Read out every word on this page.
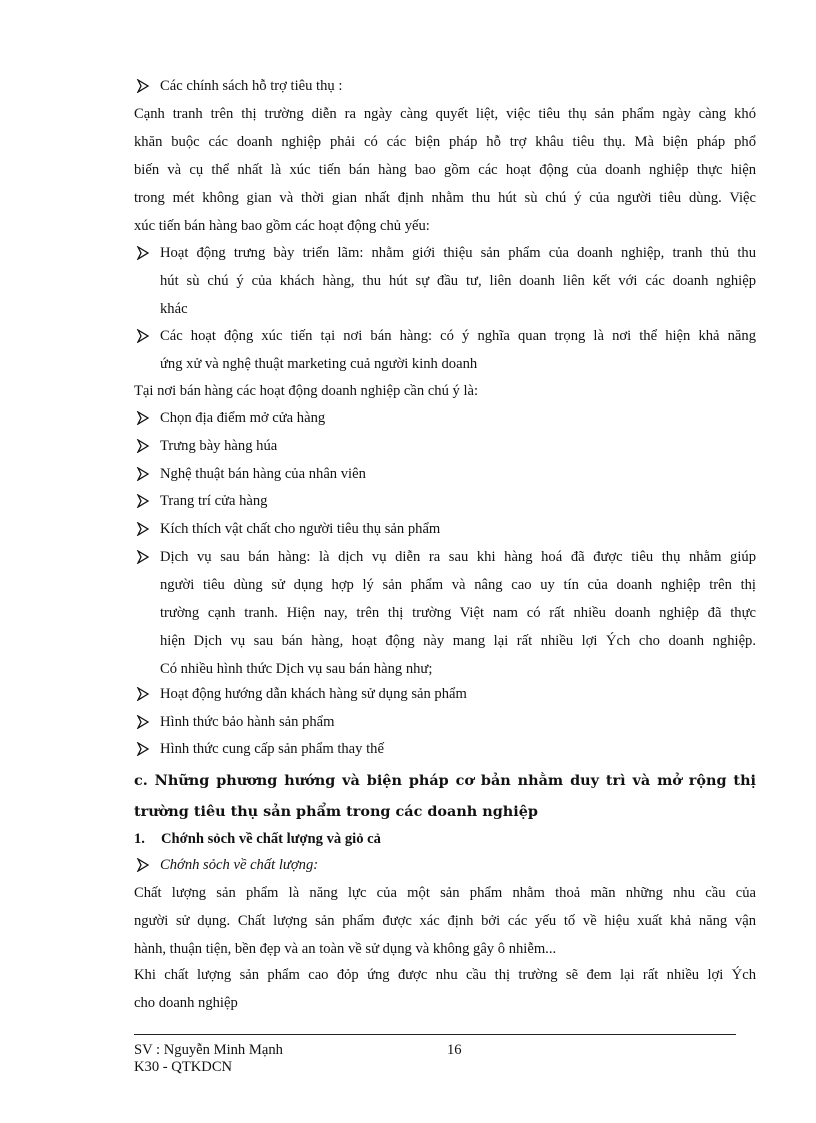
Các chính sách hỗ trợ tiêu thụ :
Cạnh tranh trên thị trường diễn ra ngày càng quyết liệt, việc tiêu thụ sản phẩm ngày càng khó
khăn buộc các doanh nghiệp phải có các biện pháp hỗ trợ khâu tiêu thụ. Mà biện pháp phổ
biến và cụ thể nhất là xúc tiến bán hàng bao gồm các hoạt động của doanh nghiệp thực hiện
trong mét không gian và thời gian nhất định nhằm thu hút sù chú ý của người tiêu dùng. Việc
xúc tiến bán hàng bao gồm các hoạt động chủ yếu:
Hoạt động trưng bày triển lãm: nhằm giới thiệu sản phẩm của doanh nghiệp, tranh thủ thu
hút sù chú ý của khách hàng, thu hút sự đầu tư, liên doanh liên kết với các doanh nghiệp
khác
Các hoạt động xúc tiến tại nơi bán hàng: có ý nghĩa quan trọng là nơi thể hiện khả năng
ứng xử và nghệ thuật marketing cuả người kinh doanh
Tại nơi bán hàng các hoạt động doanh nghiệp cần chú ý là:
Chọn địa điểm mở cửa hàng
Trưng bày hàng húa
Nghệ thuật bán hàng của nhân viên
Trang trí cửa hàng
Kích thích vật chất cho người tiêu thụ sản phẩm
Dịch vụ sau bán hàng: là dịch vụ diễn ra sau khi hàng hoá đã được tiêu thụ nhằm giúp
người tiêu dùng sử dụng hợp lý sản phẩm và nâng cao uy tín của doanh nghiệp trên thị
trường cạnh tranh. Hiện nay, trên thị trường Việt nam có rất nhiều doanh nghiệp đã thực
hiện Dịch vụ sau bán hàng, hoạt động này mang lại rất nhiều lợi Ých cho doanh nghiệp.
Có nhiều hình thức Dịch vụ sau bán hàng như;
Hoạt động hướng dẫn khách hàng sử dụng sản phẩm
Hình thức bảo hành sản phẩm
Hình thức cung cấp sản phẩm thay thế
c. Những phương hướng và biện pháp cơ bản nhằm duy trì và mở rộng thị
trường tiêu thụ sản phẩm trong các doanh nghiệp
1. Chớnh sỏch về chất lượng và giỏ cả
Chớnh sỏch về chất lượng:
Chất lượng sản phẩm là năng lực của một sản phẩm nhằm thoả mãn những nhu cầu của
người sử dụng. Chất lượng sản phẩm được xác định bởi các yếu tố về hiệu xuất khả năng vận
hành, thuận tiện, bền đẹp và an toàn về sử dụng và không gây ô nhiễm...
Khi chất lượng sản phẩm cao đỏp ứng được nhu cầu thị trường sẽ đem lại rất nhiều lợi Ých
cho doanh nghiệp
SV : Nguyễn Minh Mạnh	16
K30 - QTKDCN
